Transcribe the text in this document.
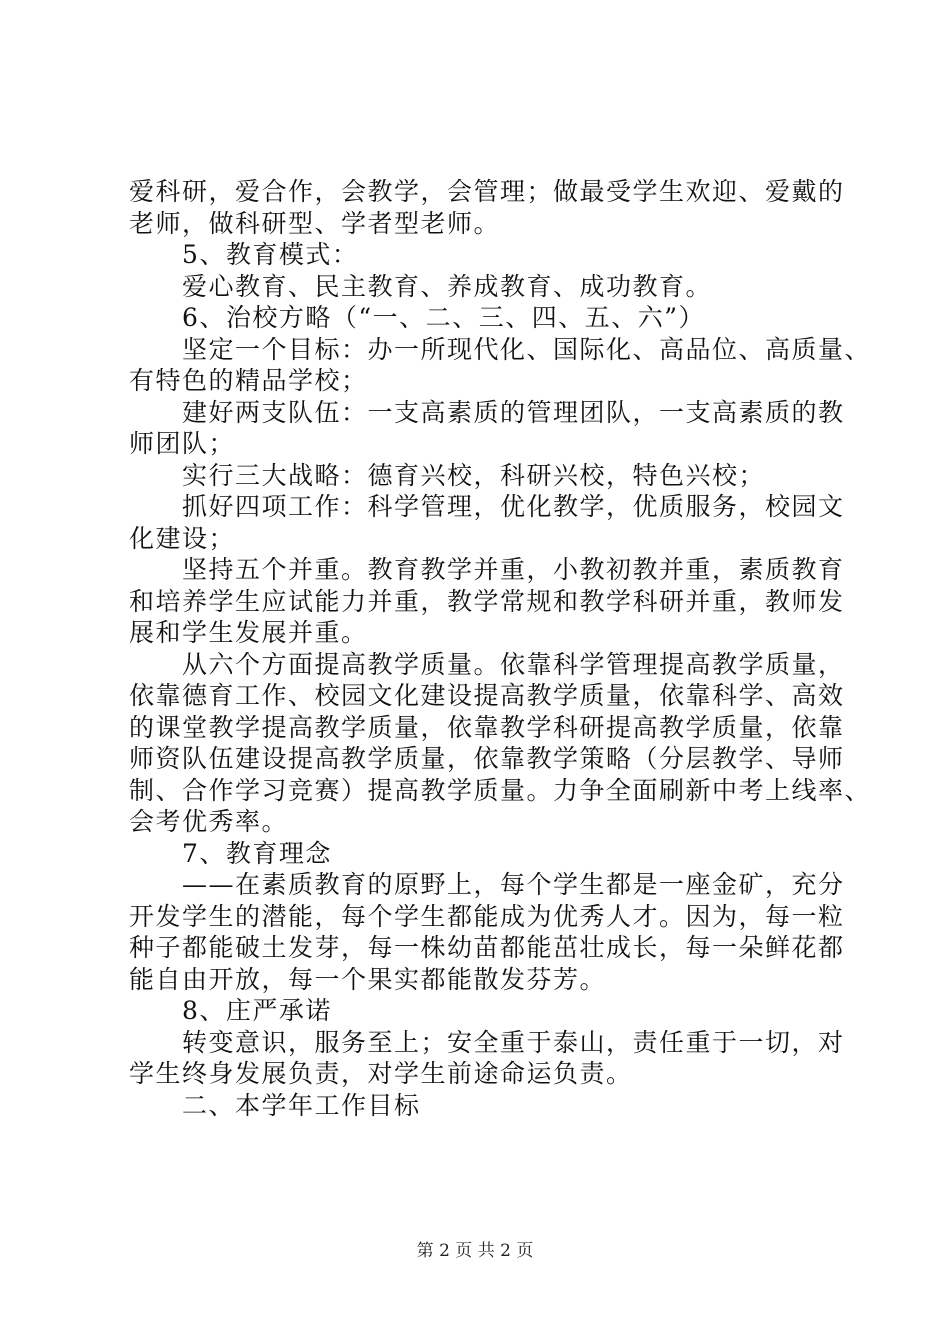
爱科研，爱合作，会教学，会管理；做最受学生欢迎、爱戴的
老师，做科研型、学者型老师。
　　5、教育模式：
　　爱心教育、民主教育、养成教育、成功教育。
　　6、治校方略（“一、二、三、四、五、六”）
　　坚定一个目标：办一所现代化、国际化、高品位、高质量、
有特色的精品学校；
　　建好两支队伍：一支高素质的管理团队，一支高素质的教
师团队；
　　实行三大战略：德育兴校，科研兴校，特色兴校；
　　抓好四项工作：科学管理，优化教学，优质服务，校园文
化建设；
　　坚持五个并重。教育教学并重，小教初教并重，素质教育
和培养学生应试能力并重，教学常规和教学科研并重，教师发
展和学生发展并重。
　　从六个方面提高教学质量。依靠科学管理提高教学质量，
依靠德育工作、校园文化建设提高教学质量，依靠科学、高效
的课堂教学提高教学质量，依靠教学科研提高教学质量，依靠
师资队伍建设提高教学质量，依靠教学策略（分层教学、导师
制、合作学习竞赛）提高教学质量。力争全面刷新中考上线率、
会考优秀率。
　　7、教育理念
　　——在素质教育的原野上，每个学生都是一座金矿，充分
开发学生的潜能，每个学生都能成为优秀人才。因为，每一粒
种子都能破土发芽，每一株幼苗都能茁壮成长，每一朵鲜花都
能自由开放，每一个果实都能散发芬芳。
　　8、庄严承诺
　　转变意识，服务至上；安全重于泰山，责任重于一切，对
学生终身发展负责，对学生前途命运负责。
　　二、本学年工作目标
第 2 页 共 2 页
